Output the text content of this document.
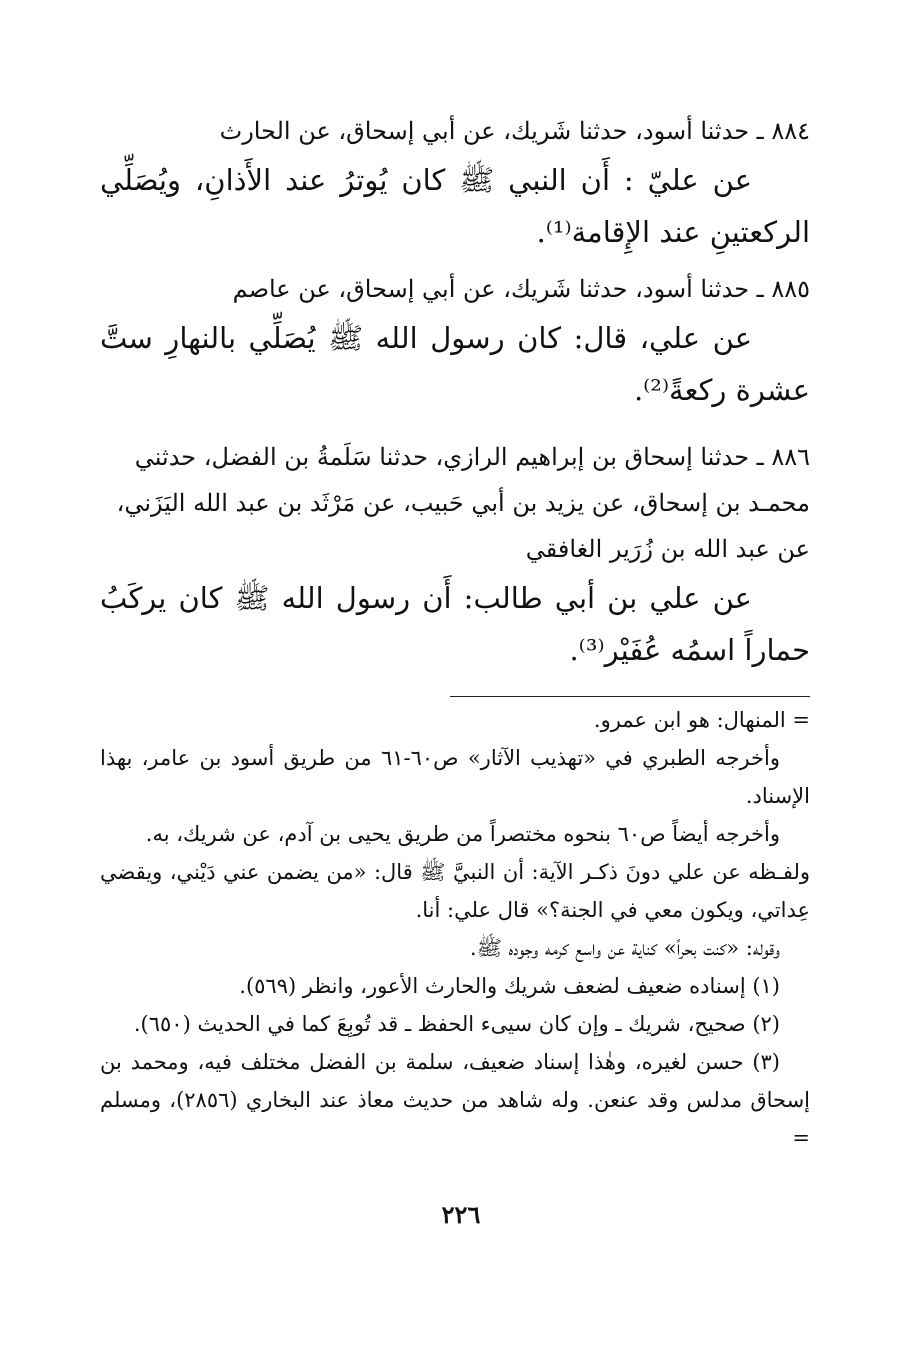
٨٨٤ ـ حدثنا أسود، حدثنا شَريك، عن أبي إسحاق، عن الحارث

عن عليّ : أَن النبي ﷺ كان يُوترُ عند الأَذانِ، ويُصَلِّي الركعتينِ عند الإِقامة⁽¹⁾.

٨٨٥ ـ حدثنا أسود، حدثنا شَريك، عن أبي إسحاق، عن عاصم

عن علي، قال: كان رسول الله ﷺ يُصَلِّي بالنهارِ ستَّ عشرة ركعةً⁽²⁾.

٨٨٦ ـ حدثنا إسحاق بن إبراهيم الرازي، حدثنا سَلَمةُ بن الفضل، حدثني محمـد بن إسحاق، عن يزيد بن أبي حَبيب، عن مَرْثَد بن عبد الله اليَزَني، عن عبد الله بن زُرَير الغافقي

عن علي بن أبي طالب: أَن رسول الله ﷺ كان يركَبُ حماراً اسمُه عُفَيْر⁽³⁾.

= المنهال: هو ابن عمرو.

وأخرجه الطبري في «تهذيب الآثار» ص٦٠-٦١ من طريق أسود بن عامر، بهذا الإسناد.

وأخرجه أيضاً ص٦٠ بنحوه مختصراً من طريق يحيى بن آدم، عن شريك، به.

ولفـظه عن علي دونَ ذكـر الآية: أن النبيَّ ﷺ قال: «من يضمن عني دَيْني، ويقضي عِداتي، ويكون معي في الجنة؟» قال علي: أنا.

وقوله: «كنت بحراً» كناية عن واسع كرمه وجوده ﷺ.

(١) إسناده ضعيف لضعف شريك والحارث الأعور، وانظر (٥٦٩).

(٢) صحيح، شريك ـ وإن كان سيىء الحفظ ـ قد تُوبِعَ كما في الحديث (٦٥٠).

(٣) حسن لغيره، وهٰذا إسناد ضعيف، سلمة بن الفضل مختلف فيه، ومحمد بن إسحاق مدلس وقد عنعن. وله شاهد من حديث معاذ عند البخاري (٢٨٥٦)، ومسلم =

٢٢٦
